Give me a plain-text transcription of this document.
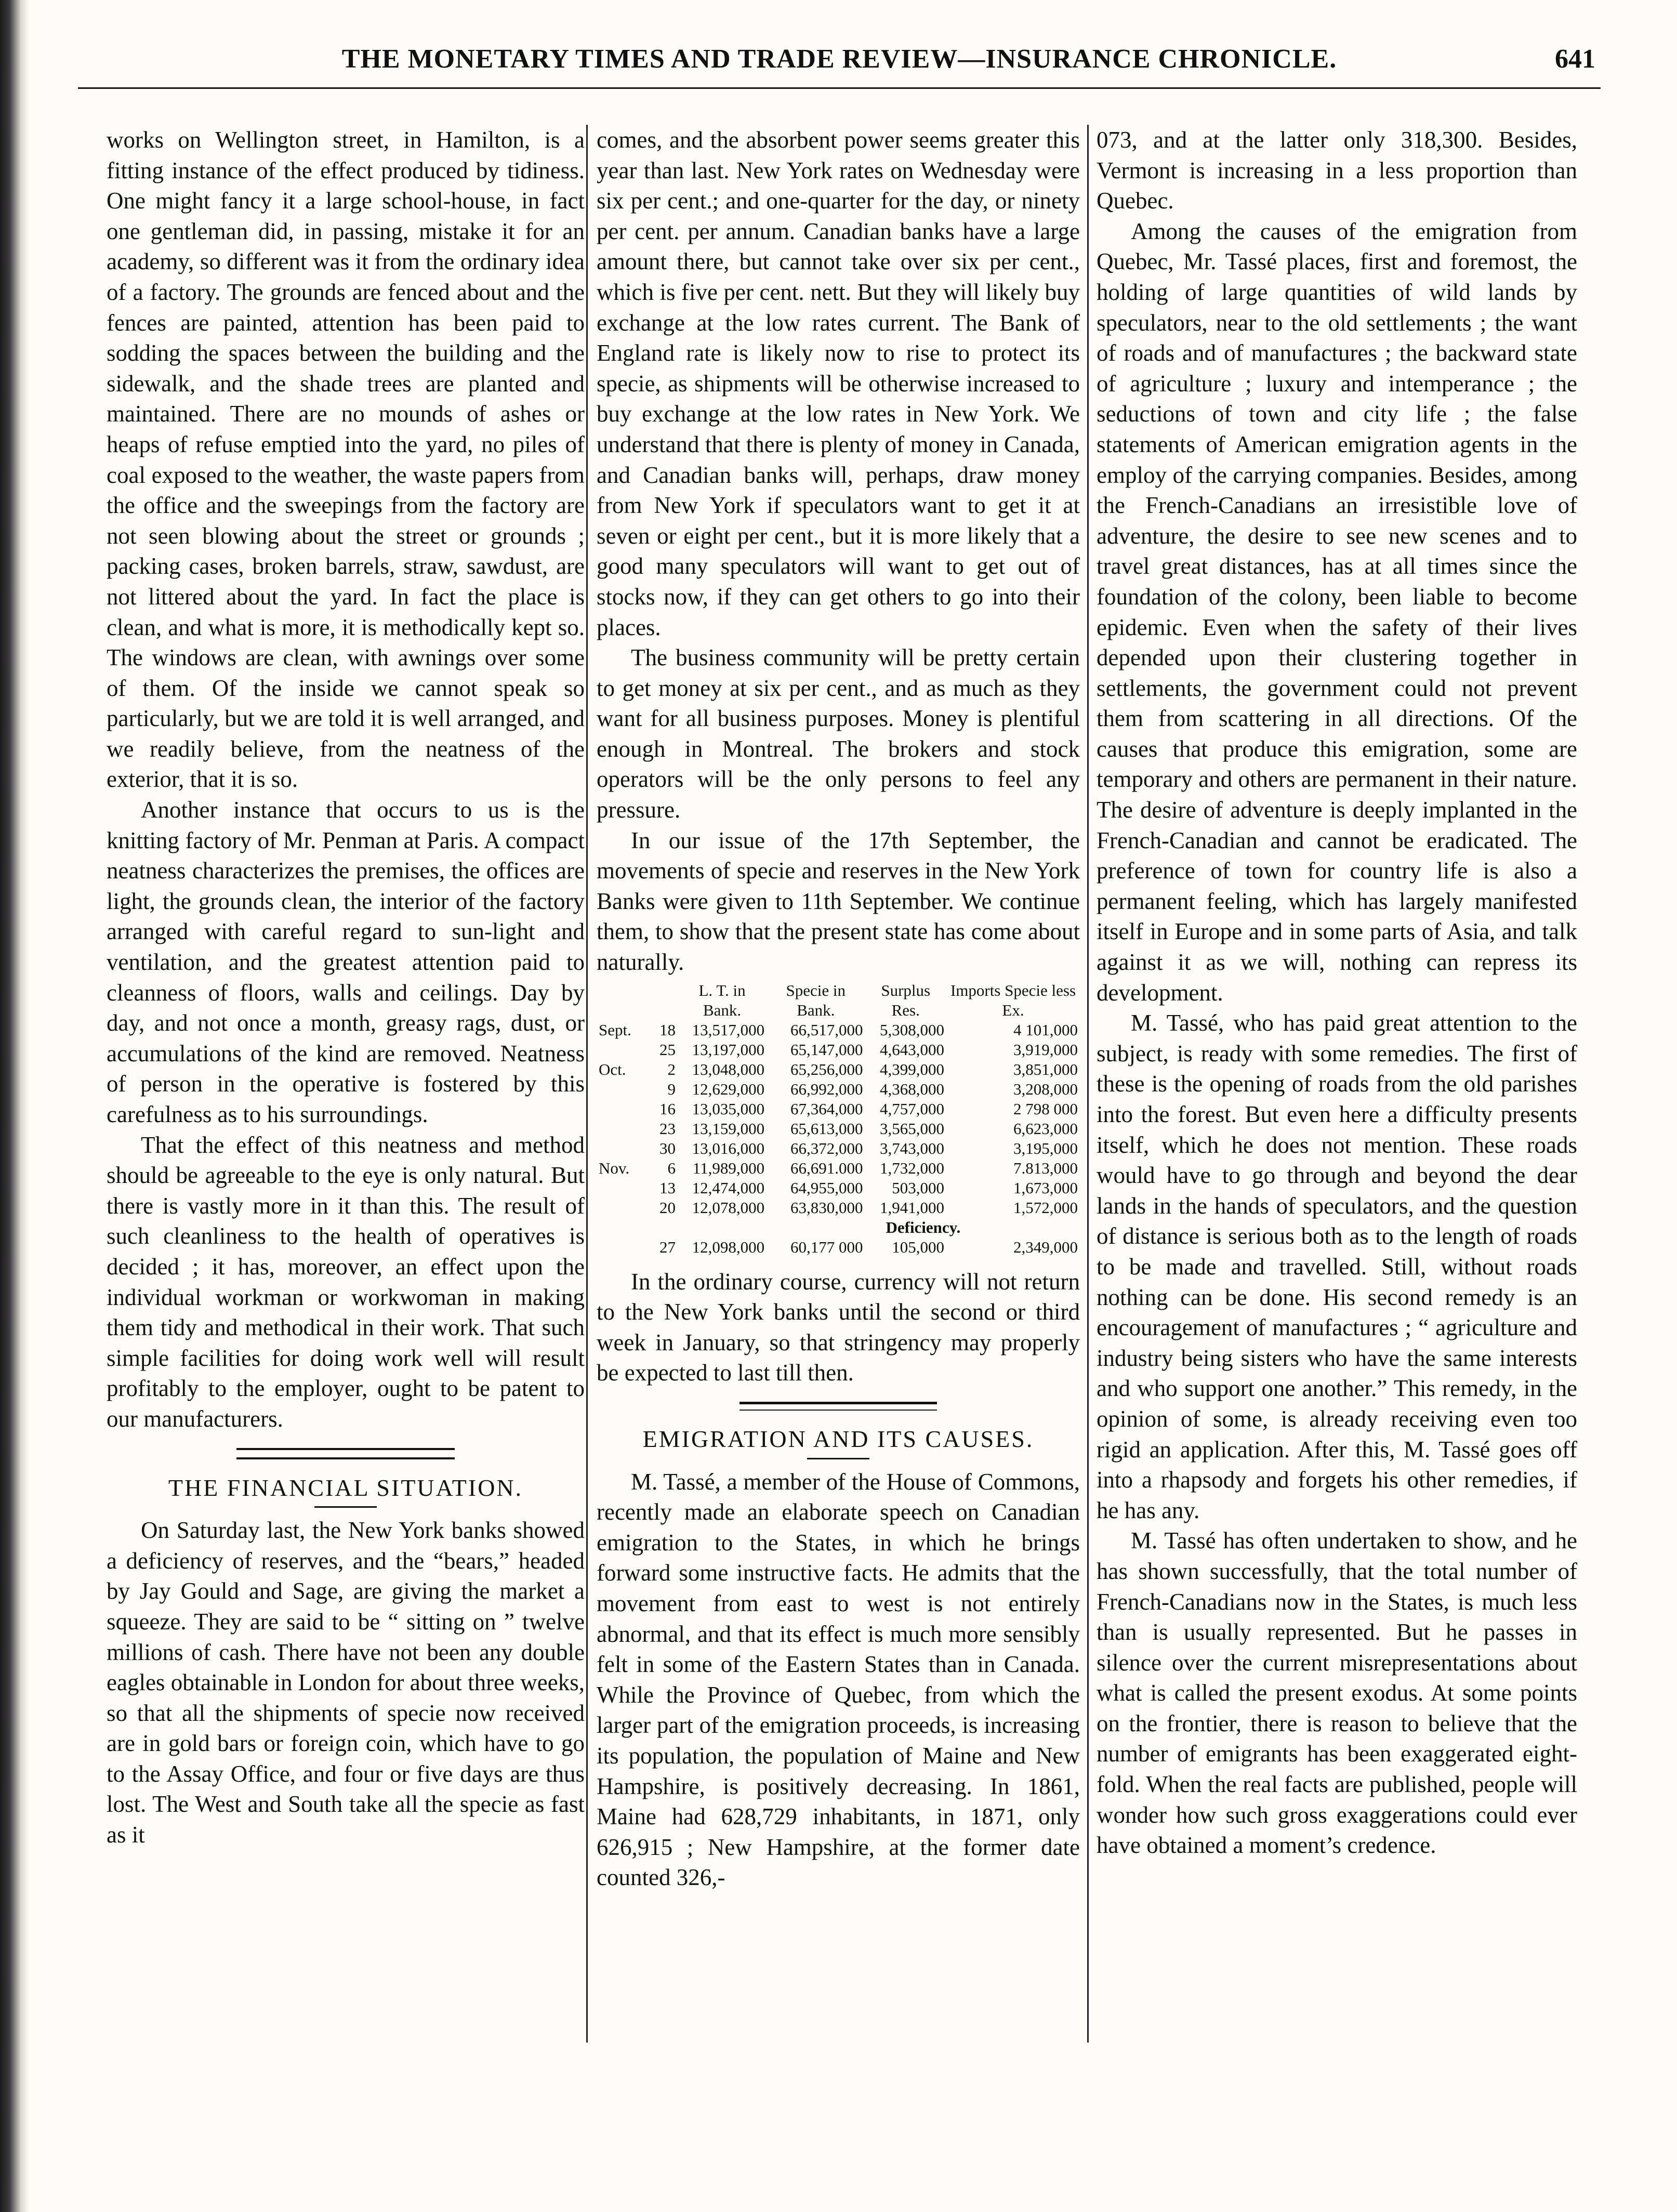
THE MONETARY TIMES AND TRADE REVIEW—INSURANCE CHRONICLE.	641

works on Wellington street, in Hamilton, is a fitting instance of the effect produced by tidiness. One might fancy it a large school-house, in fact one gentleman did, in passing, mistake it for an academy, so different was it from the ordinary idea of a factory. The grounds are fenced about and the fences are painted, attention has been paid to sodding the spaces between the building and the sidewalk, and the shade trees are planted and maintained. There are no mounds of ashes or heaps of refuse emptied into the yard, no piles of coal exposed to the weather, the waste papers from the office and the sweepings from the factory are not seen blowing about the street or grounds ; packing cases, broken barrels, straw, sawdust, are not littered about the yard. In fact the place is clean, and what is more, it is methodically kept so. The windows are clean, with awnings over some of them. Of the inside we cannot speak so particularly, but we are told it is well arranged, and we readily believe, from the neatness of the exterior, that it is so.

Another instance that occurs to us is the knitting factory of Mr. Penman at Paris. A compact neatness characterizes the premises, the offices are light, the grounds clean, the interior of the factory arranged with careful regard to sun-light and ventilation, and the greatest attention paid to cleanness of floors, walls and ceilings. Day by day, and not once a month, greasy rags, dust, or accumulations of the kind are removed. Neatness of person in the operative is fostered by this carefulness as to his surroundings.

That the effect of this neatness and method should be agreeable to the eye is only natural. But there is vastly more in it than this. The result of such cleanliness to the health of operatives is decided ; it has, moreover, an effect upon the individual workman or workwoman in making them tidy and methodical in their work. That such simple facilities for doing work well will result profitably to the employer, ought to be patent to our manufacturers.

THE FINANCIAL SITUATION.

On Saturday last, the New York banks showed a deficiency of reserves, and the “bears,” headed by Jay Gould and Sage, are giving the market a squeeze. They are said to be “ sitting on ” twelve millions of cash. There have not been any double eagles obtainable in London for about three weeks, so that all the shipments of specie now received are in gold bars or foreign coin, which have to go to the Assay Office, and four or five days are thus lost. The West and South take all the specie as fast as it

comes, and the absorbent power seems greater this year than last. New York rates on Wednesday were six per cent.; and one-quarter for the day, or ninety per cent. per annum. Canadian banks have a large amount there, but cannot take over six per cent., which is five per cent. nett. But they will likely buy exchange at the low rates current. The Bank of England rate is likely now to rise to protect its specie, as shipments will be otherwise increased to buy exchange at the low rates in New York. We understand that there is plenty of money in Canada, and Canadian banks will, perhaps, draw money from New York if speculators want to get it at seven or eight per cent., but it is more likely that a good many speculators will want to get out of stocks now, if they can get others to go into their places.

The business community will be pretty certain to get money at six per cent., and as much as they want for all business purposes. Money is plentiful enough in Montreal. The brokers and stock operators will be the only persons to feel any pressure.

In our issue of the 17th September, the movements of specie and reserves in the New York Banks were given to 11th September. We continue them, to show that the present state has come about naturally.

		L. T. in Bank.	Specie in Bank.	Surplus Res.	Imports Specie less Ex.
Sept.	18	13,517,000	66,517,000	5,308,000	4 101,000
	25	13,197,000	65,147,000	4,643,000	3,919,000
Oct.	2	13,048,000	65,256,000	4,399,000	3,851,000
	9	12,629,000	66,992,000	4,368,000	3,208,000
	16	13,035,000	67,364,000	4,757,000	2 798 000
	23	13,159,000	65,613,000	3,565,000	6,623,000
	30	13,016,000	66,372,000	3,743,000	3,195,000
Nov.	6	11,989,000	66,691.000	1,732,000	7.813,000
	13	12,474,000	64,955,000	503,000	1,673,000
	20	12,078,000	63,830,000	1,941,000	1,572,000
				Deficiency.	
	27	12,098,000	60,177 000	105,000	2,349,000

In the ordinary course, currency will not return to the New York banks until the second or third week in January, so that stringency may properly be expected to last till then.

EMIGRATION AND ITS CAUSES.

M. Tassé, a member of the House of Commons, recently made an elaborate speech on Canadian emigration to the States, in which he brings forward some instructive facts. He admits that the movement from east to west is not entirely abnormal, and that its effect is much more sensibly felt in some of the Eastern States than in Canada. While the Province of Quebec, from which the larger part of the emigration proceeds, is increasing its population, the population of Maine and New Hampshire, is positively decreasing. In 1861, Maine had 628,729 inhabitants, in 1871, only 626,915 ; New Hampshire, at the former date counted 326,-

073, and at the latter only 318,300. Besides, Vermont is increasing in a less proportion than Quebec.

Among the causes of the emigration from Quebec, Mr. Tassé places, first and foremost, the holding of large quantities of wild lands by speculators, near to the old settlements ; the want of roads and of manufactures ; the backward state of agriculture ; luxury and intemperance ; the seductions of town and city life ; the false statements of American emigration agents in the employ of the carrying companies. Besides, among the French-Canadians an irresistible love of adventure, the desire to see new scenes and to travel great distances, has at all times since the foundation of the colony, been liable to become epidemic. Even when the safety of their lives depended upon their clustering together in settlements, the government could not prevent them from scattering in all directions. Of the causes that produce this emigration, some are temporary and others are permanent in their nature. The desire of adventure is deeply implanted in the French-Canadian and cannot be eradicated. The preference of town for country life is also a permanent feeling, which has largely manifested itself in Europe and in some parts of Asia, and talk against it as we will, nothing can repress its development.

M. Tassé, who has paid great attention to the subject, is ready with some remedies. The first of these is the opening of roads from the old parishes into the forest. But even here a difficulty presents itself, which he does not mention. These roads would have to go through and beyond the dear lands in the hands of speculators, and the question of distance is serious both as to the length of roads to be made and travelled. Still, without roads nothing can be done. His second remedy is an encouragement of manufactures ; “ agriculture and industry being sisters who have the same interests and who support one another.” This remedy, in the opinion of some, is already receiving even too rigid an application. After this, M. Tassé goes off into a rhapsody and forgets his other remedies, if he has any.

M. Tassé has often undertaken to show, and he has shown successfully, that the total number of French-Canadians now in the States, is much less than is usually represented. But he passes in silence over the current misrepresentations about what is called the present exodus. At some points on the frontier, there is reason to believe that the number of emigrants has been exaggerated eight-fold. When the real facts are published, people will wonder how such gross exaggerations could ever have obtained a moment’s credence.
